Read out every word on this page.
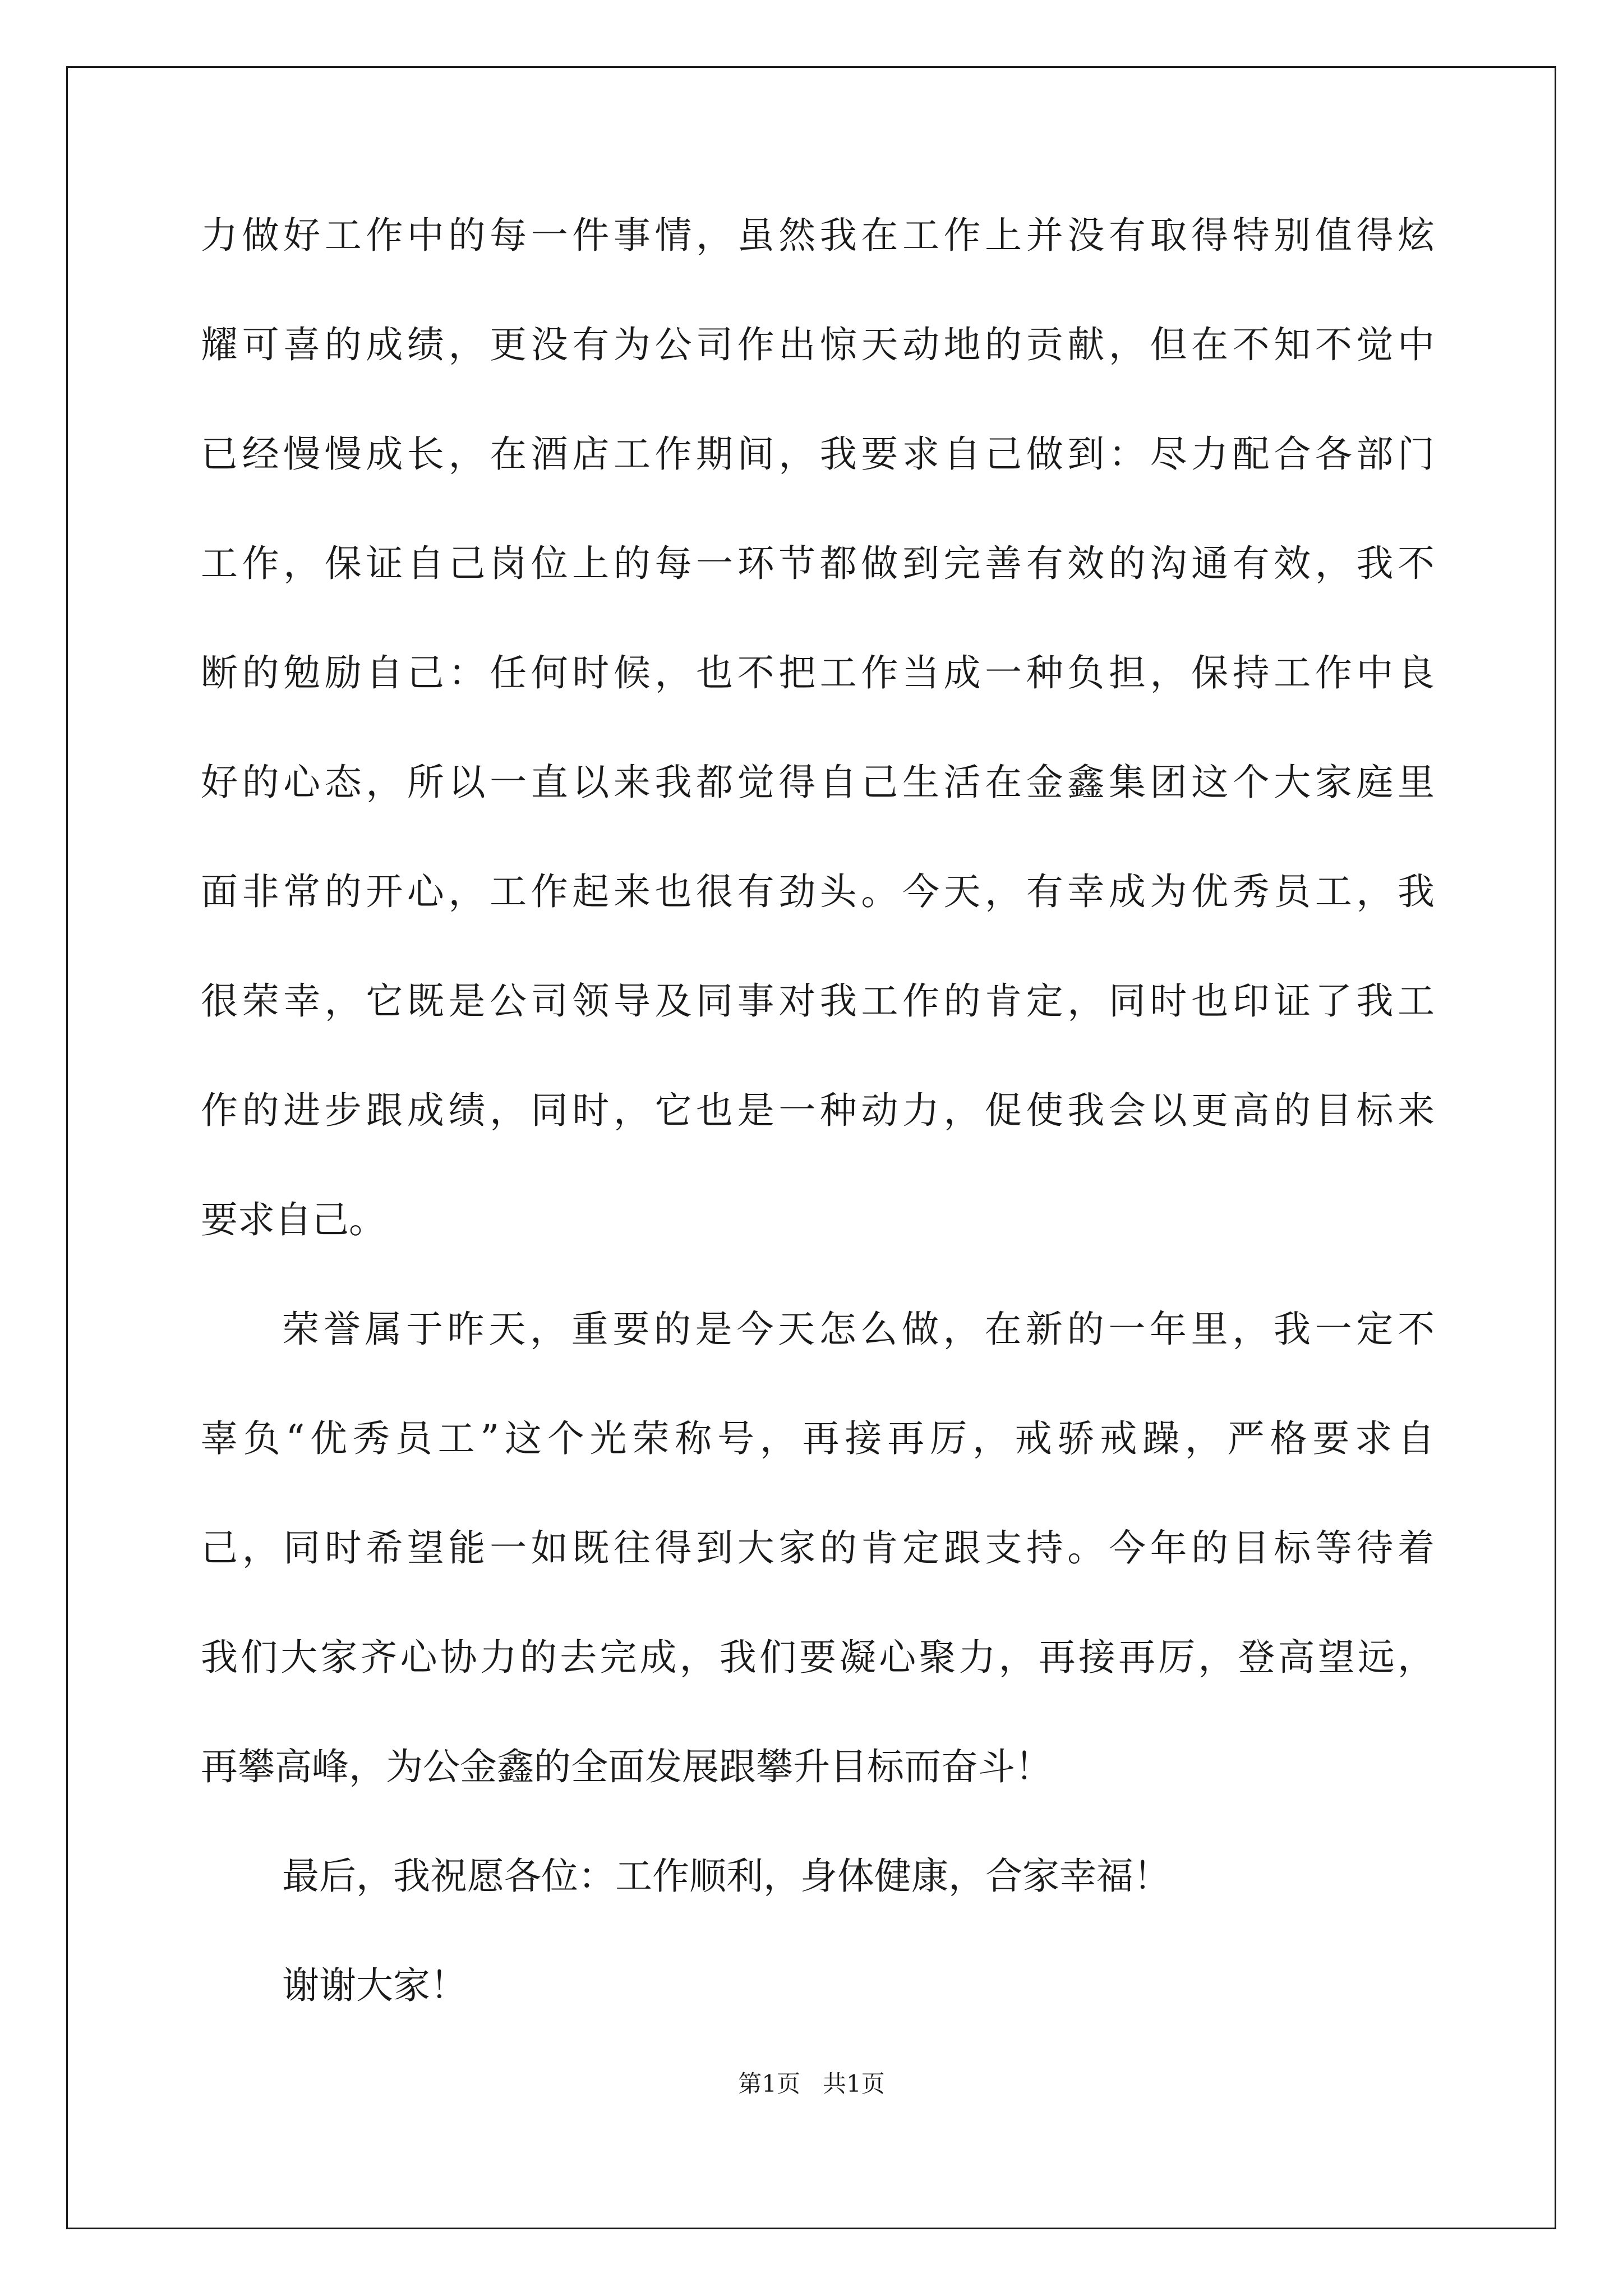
力做好工作中的每一件事情，虽然我在工作上并没有取得特别值得炫
耀可喜的成绩，更没有为公司作出惊天动地的贡献，但在不知不觉中
已经慢慢成长，在酒店工作期间，我要求自己做到：尽力配合各部门
工作，保证自己岗位上的每一环节都做到完善有效的沟通有效，我不
断的勉励自己：任何时候，也不把工作当成一种负担，保持工作中良
好的心态，所以一直以来我都觉得自己生活在金鑫集团这个大家庭里
面非常的开心，工作起来也很有劲头。今天，有幸成为优秀员工，我
很荣幸，它既是公司领导及同事对我工作的肯定，同时也印证了我工
作的进步跟成绩，同时，它也是一种动力，促使我会以更高的目标来
要求自己。
荣誉属于昨天，重要的是今天怎么做，在新的一年里，我一定不
辜负“优秀员工”这个光荣称号，再接再厉，戒骄戒躁，严格要求自
己，同时希望能一如既往得到大家的肯定跟支持。今年的目标等待着
我们大家齐心协力的去完成，我们要凝心聚力，再接再厉，登高望远，
再攀高峰，为公金鑫的全面发展跟攀升目标而奋斗！
最后，我祝愿各位：工作顺利，身体健康，合家幸福！
谢谢大家！
第1页   共1页
